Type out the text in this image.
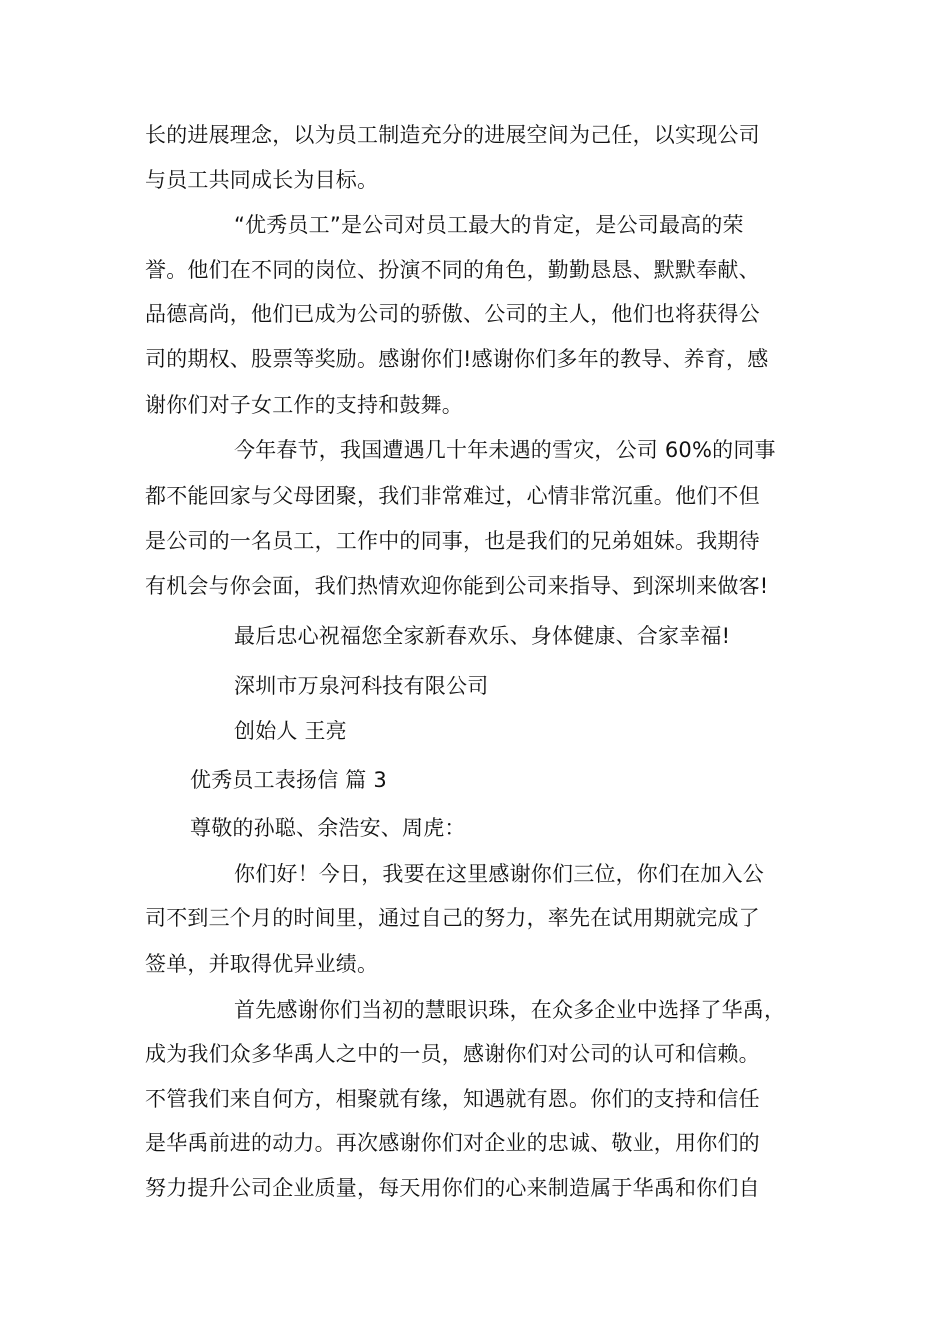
长的进展理念，以为员工制造充分的进展空间为己任，以实现公司
与员工共同成长为目标。
“优秀员工”是公司对员工最大的肯定，是公司最高的荣
誉。他们在不同的岗位、扮演不同的角色，勤勤恳恳、默默奉献、
品德高尚，他们已成为公司的骄傲、公司的主人，他们也将获得公
司的期权、股票等奖励。感谢你们!感谢你们多年的教导、养育，感
谢你们对子女工作的支持和鼓舞。
今年春节，我国遭遇几十年未遇的雪灾，公司 60%的同事
都不能回家与父母团聚，我们非常难过，心情非常沉重。他们不但
是公司的一名员工，工作中的同事，也是我们的兄弟姐妹。我期待
有机会与你会面，我们热情欢迎你能到公司来指导、到深圳来做客!
最后忠心祝福您全家新春欢乐、身体健康、合家幸福!
深圳市万泉河科技有限公司
创始人 王亮
优秀员工表扬信 篇 3
尊敬的孙聪、余浩安、周虎：
你们好！今日，我要在这里感谢你们三位，你们在加入公
司不到三个月的时间里，通过自己的努力，率先在试用期就完成了
签单，并取得优异业绩。
首先感谢你们当初的慧眼识珠，在众多企业中选择了华禹，
成为我们众多华禹人之中的一员，感谢你们对公司的认可和信赖。
不管我们来自何方，相聚就有缘，知遇就有恩。你们的支持和信任
是华禹前进的动力。再次感谢你们对企业的忠诚、敬业，用你们的
努力提升公司企业质量，每天用你们的心来制造属于华禹和你们自
